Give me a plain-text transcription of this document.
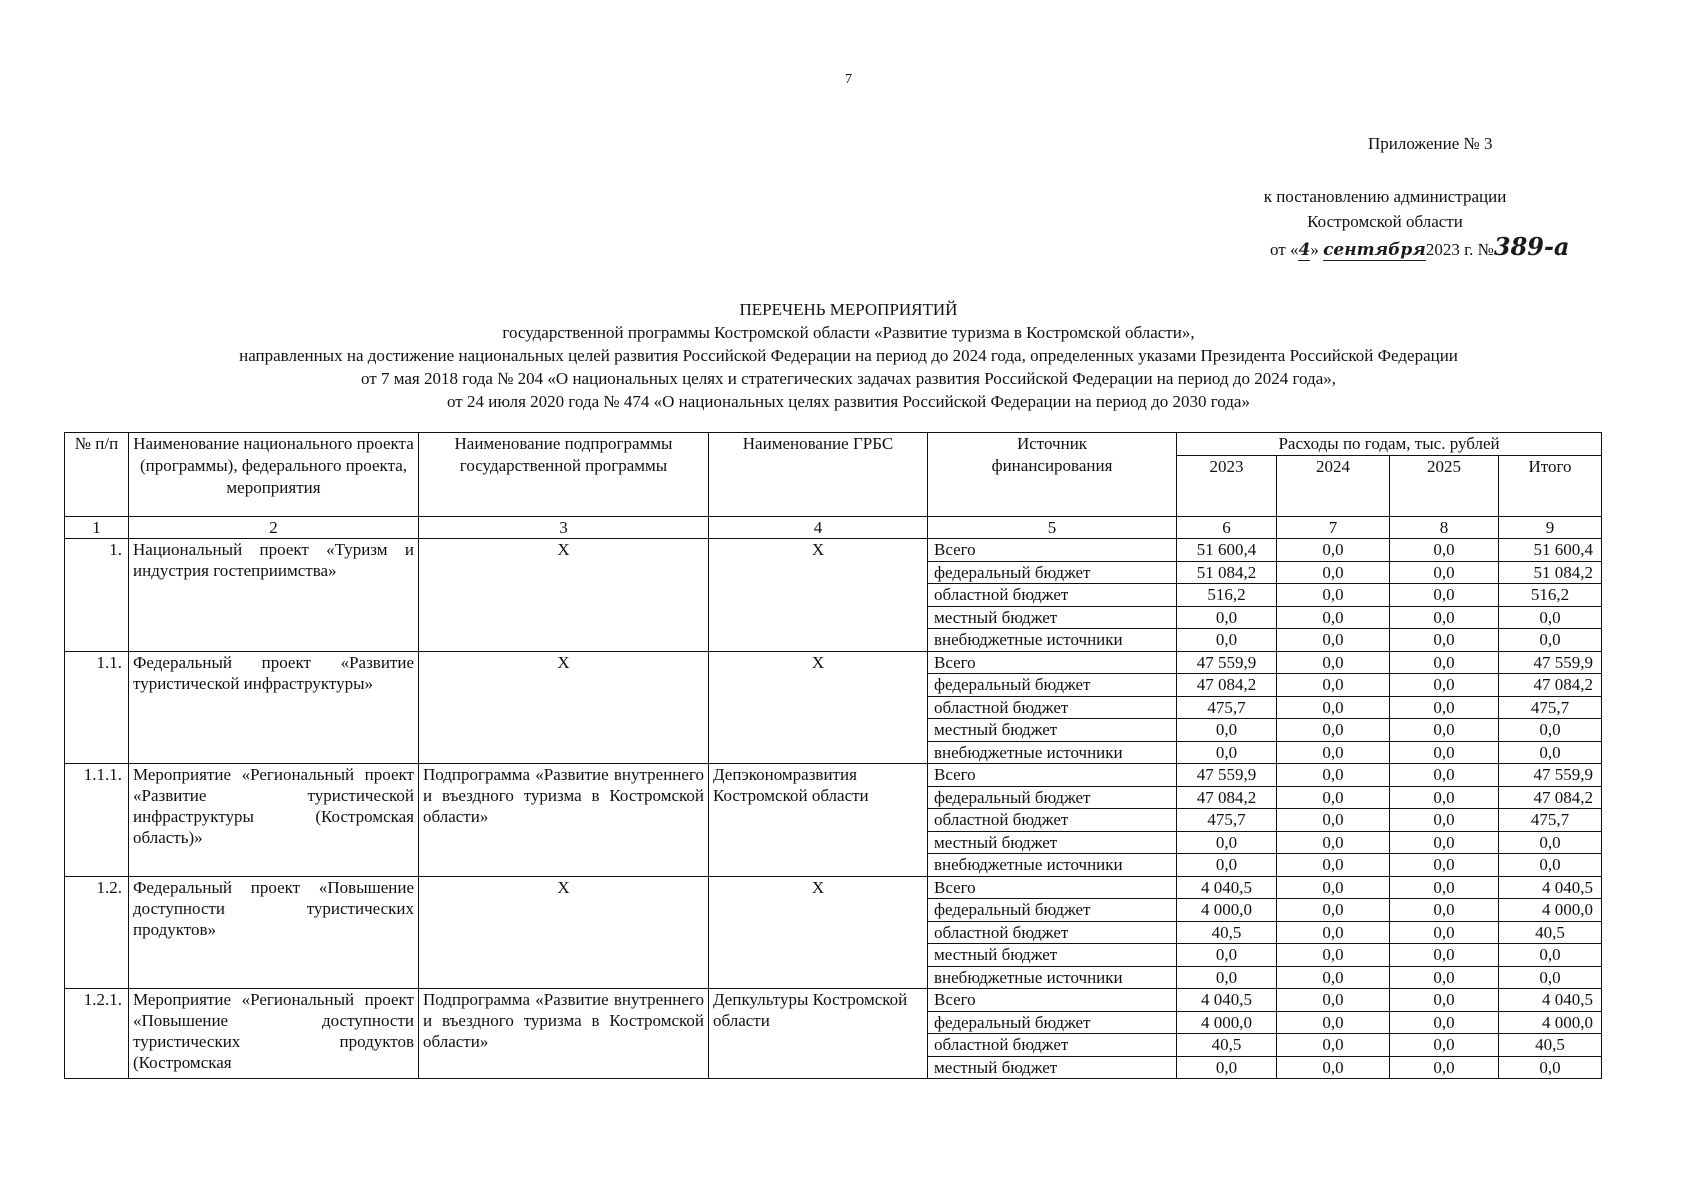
7
Приложение № 3
к постановлению администрации
Костромской области
от «4» сентября2023 г. №389-а
ПЕРЕЧЕНЬ МЕРОПРИЯТИЙ
государственной программы Костромской области «Развитие туризма в Костромской области»,
направленных на достижение национальных целей развития Российской Федерации на период до 2024 года, определенных указами Президента Российской Федерации
от 7 мая 2018 года № 204 «О национальных целях и стратегических задачах развития Российской Федерации на период до 2024 года»,
от 24 июля 2020 года № 474 «О национальных целях развития Российской Федерации на период до 2030 года»
№ п/п	Наименование национального проекта (программы), федерального проекта, мероприятия	Наименование подпрограммы государственной программы	Наименование ГРБС	Источник финансирования	Расходы по годам, тыс. рублей			
					2023	2024	2025	Итого
1	2	3	4	5	6	7	8	9
1.	Национальный проект «Туризм и индустрия гостеприимства»	Х	Х	Всего	51 600,4	0,0	0,0	51 600,4
				федеральный бюджет	51 084,2	0,0	0,0	51 084,2
				областной бюджет	516,2	0,0	0,0	516,2
				местный бюджет	0,0	0,0	0,0	0,0
				внебюджетные источники	0,0	0,0	0,0	0,0
1.1.	Федеральный проект «Развитие туристической инфраструктуры»	Х	Х	Всего	47 559,9	0,0	0,0	47 559,9
				федеральный бюджет	47 084,2	0,0	0,0	47 084,2
				областной бюджет	475,7	0,0	0,0	475,7
				местный бюджет	0,0	0,0	0,0	0,0
				внебюджетные источники	0,0	0,0	0,0	0,0
1.1.1.	Мероприятие «Региональный проект «Развитие туристической инфраструктуры (Костромская область)»	Подпрограмма «Развитие внутреннего и въездного туризма в Костромской области»	Депэкономразвития Костромской области	Всего	47 559,9	0,0	0,0	47 559,9
				федеральный бюджет	47 084,2	0,0	0,0	47 084,2
				областной бюджет	475,7	0,0	0,0	475,7
				местный бюджет	0,0	0,0	0,0	0,0
				внебюджетные источники	0,0	0,0	0,0	0,0
1.2.	Федеральный проект «Повышение доступности туристических продуктов»	Х	Х	Всего	4 040,5	0,0	0,0	4 040,5
				федеральный бюджет	4 000,0	0,0	0,0	4 000,0
				областной бюджет	40,5	0,0	0,0	40,5
				местный бюджет	0,0	0,0	0,0	0,0
				внебюджетные источники	0,0	0,0	0,0	0,0
1.2.1.	Мероприятие «Региональный проект «Повышение доступности туристических продуктов (Костромская	Подпрограмма «Развитие внутреннего и въездного туризма в Костромской области»	Депкультуры Костромской области	Всего	4 040,5	0,0	0,0	4 040,5
				федеральный бюджет	4 000,0	0,0	0,0	4 000,0
				областной бюджет	40,5	0,0	0,0	40,5
				местный бюджет	0,0	0,0	0,0	0,0
